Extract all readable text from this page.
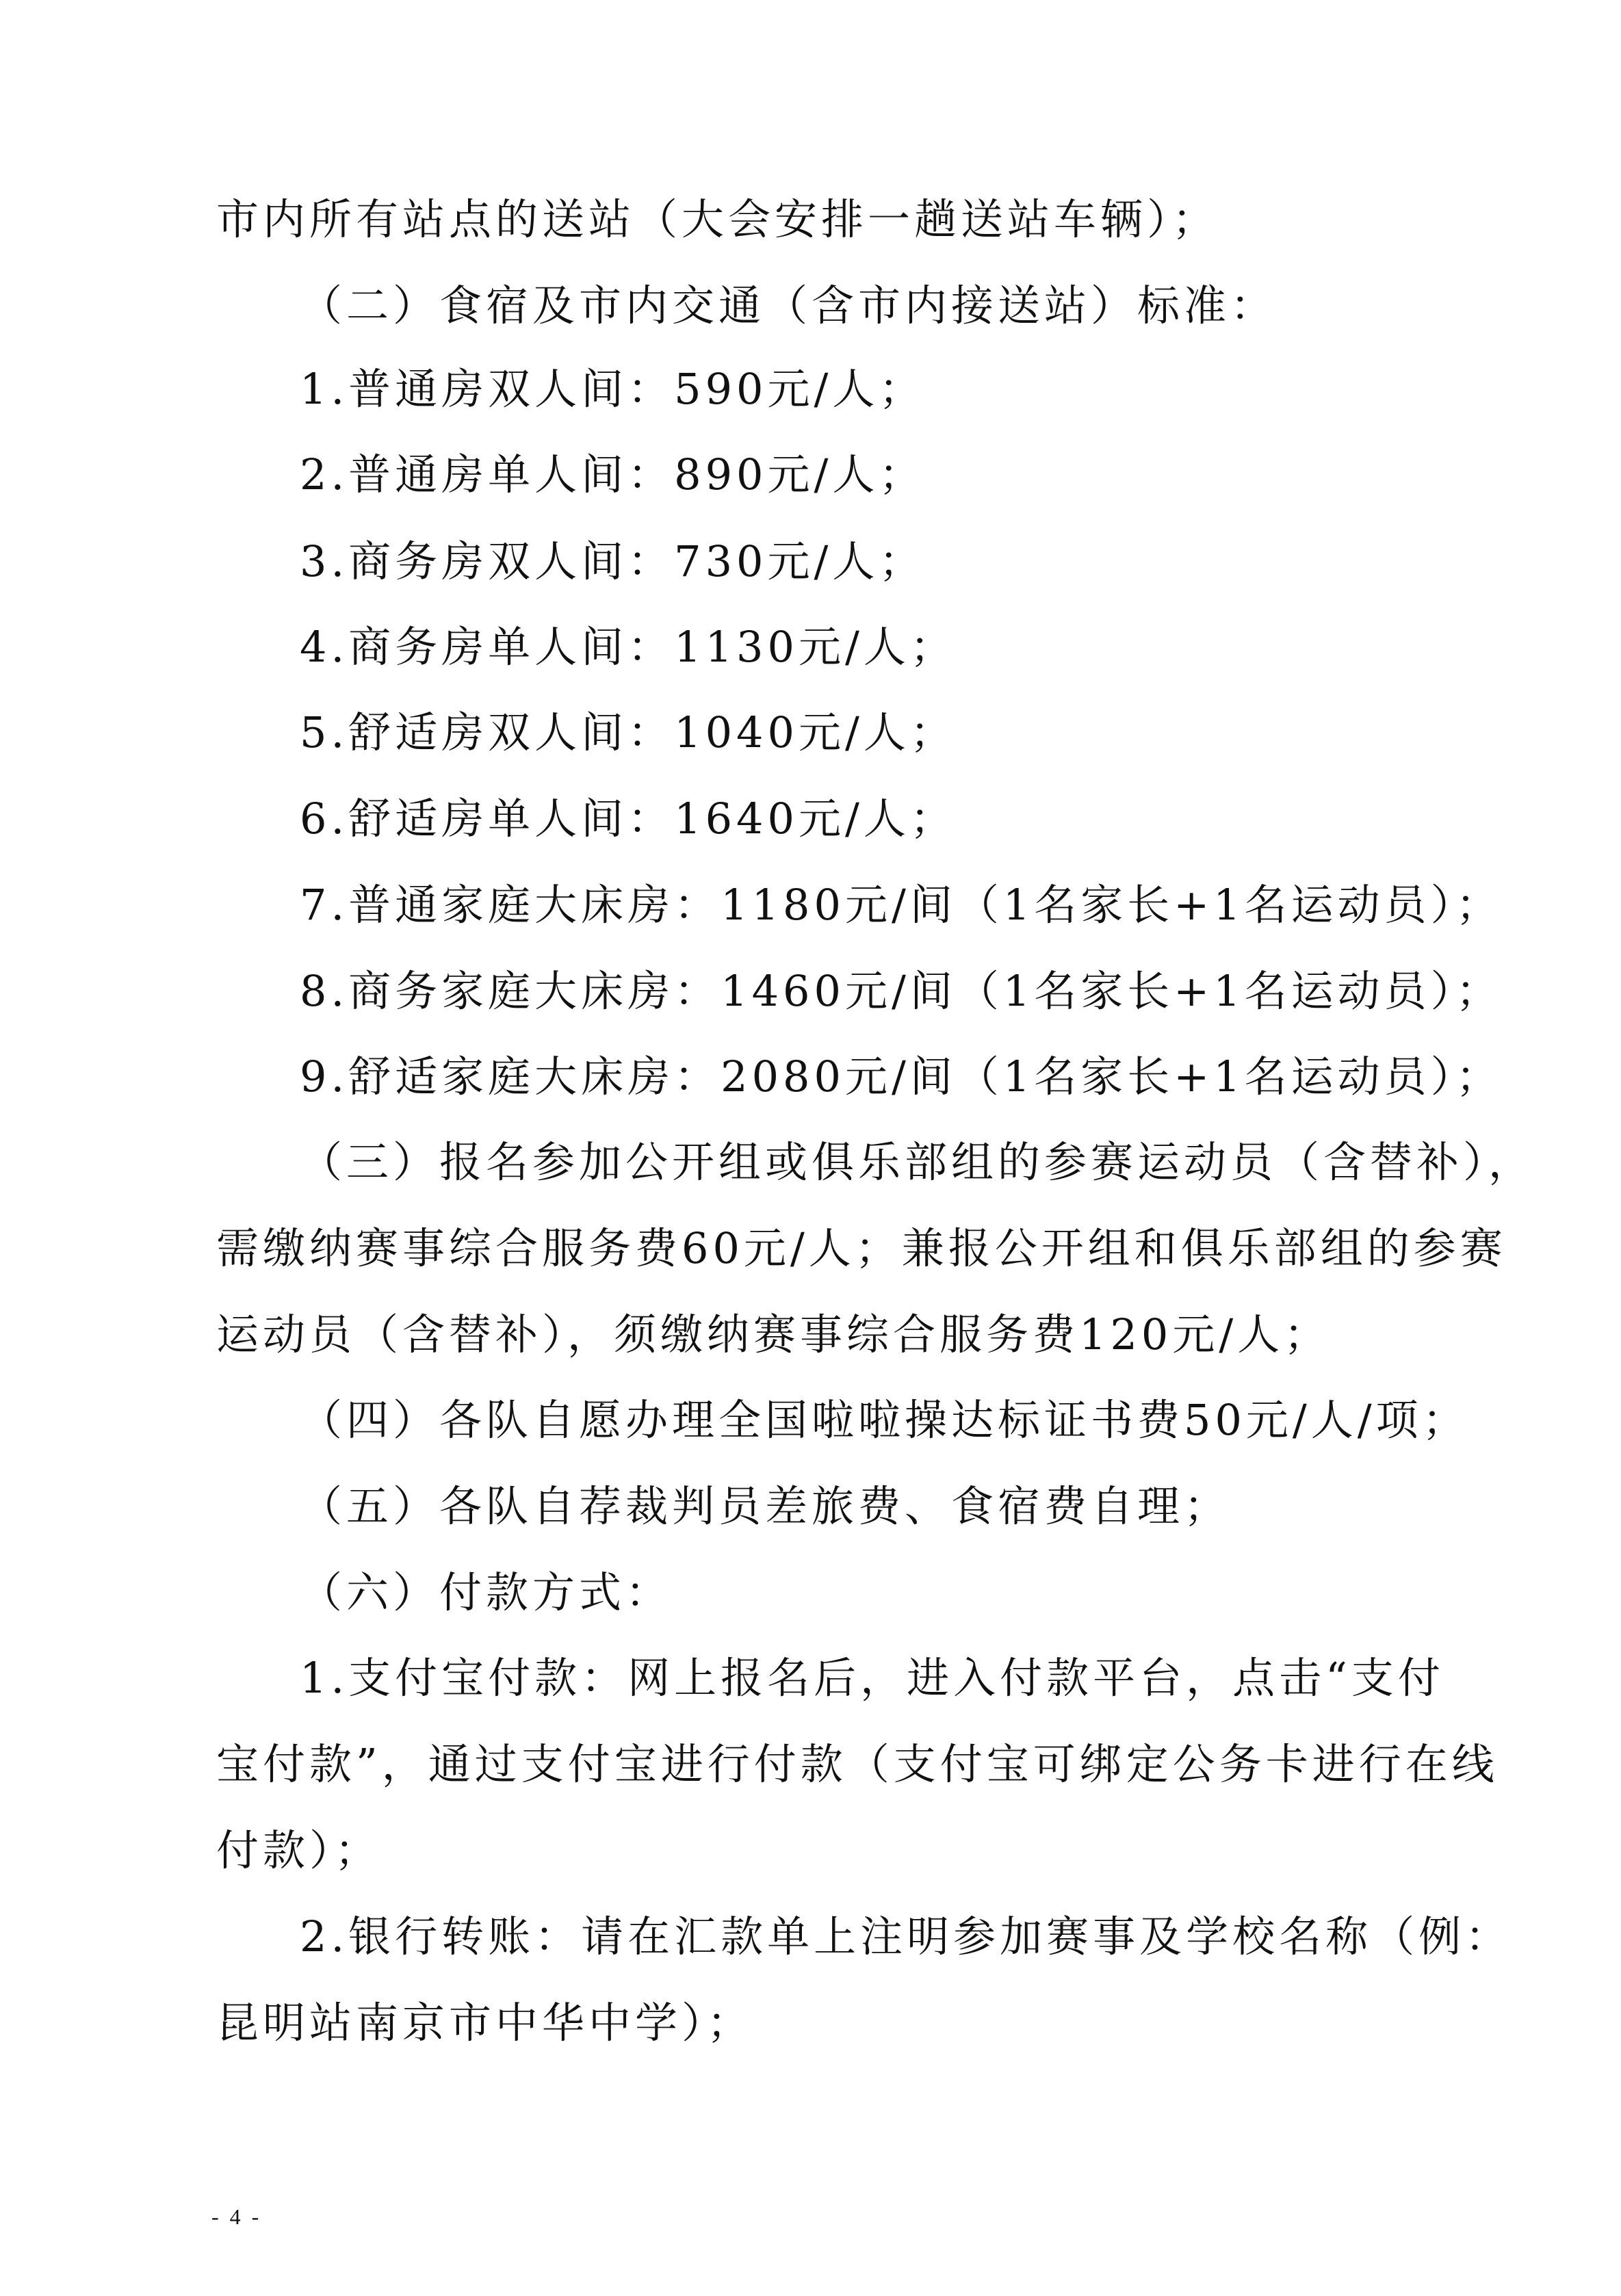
市内所有站点的送站（大会安排一趟送站车辆）；
（二）食宿及市内交通（含市内接送站）标准：
1.普通房双人间：590元/人；
2.普通房单人间：890元/人；
3.商务房双人间：730元/人；
4.商务房单人间：1130元/人；
5.舒适房双人间：1040元/人；
6.舒适房单人间：1640元/人；
7.普通家庭大床房：1180元/间（1名家长+1名运动员）；
8.商务家庭大床房：1460元/间（1名家长+1名运动员）；
9.舒适家庭大床房：2080元/间（1名家长+1名运动员）；
（三）报名参加公开组或俱乐部组的参赛运动员（含替补），
需缴纳赛事综合服务费60元/人；兼报公开组和俱乐部组的参赛
运动员（含替补），须缴纳赛事综合服务费120元/人；
（四）各队自愿办理全国啦啦操达标证书费50元/人/项；
（五）各队自荐裁判员差旅费、食宿费自理；
（六）付款方式：
1.支付宝付款：网上报名后，进入付款平台，点击“支付
宝付款”，通过支付宝进行付款（支付宝可绑定公务卡进行在线
付款）；
2.银行转账：请在汇款单上注明参加赛事及学校名称（例：
昆明站南京市中华中学）；
- 4 -
